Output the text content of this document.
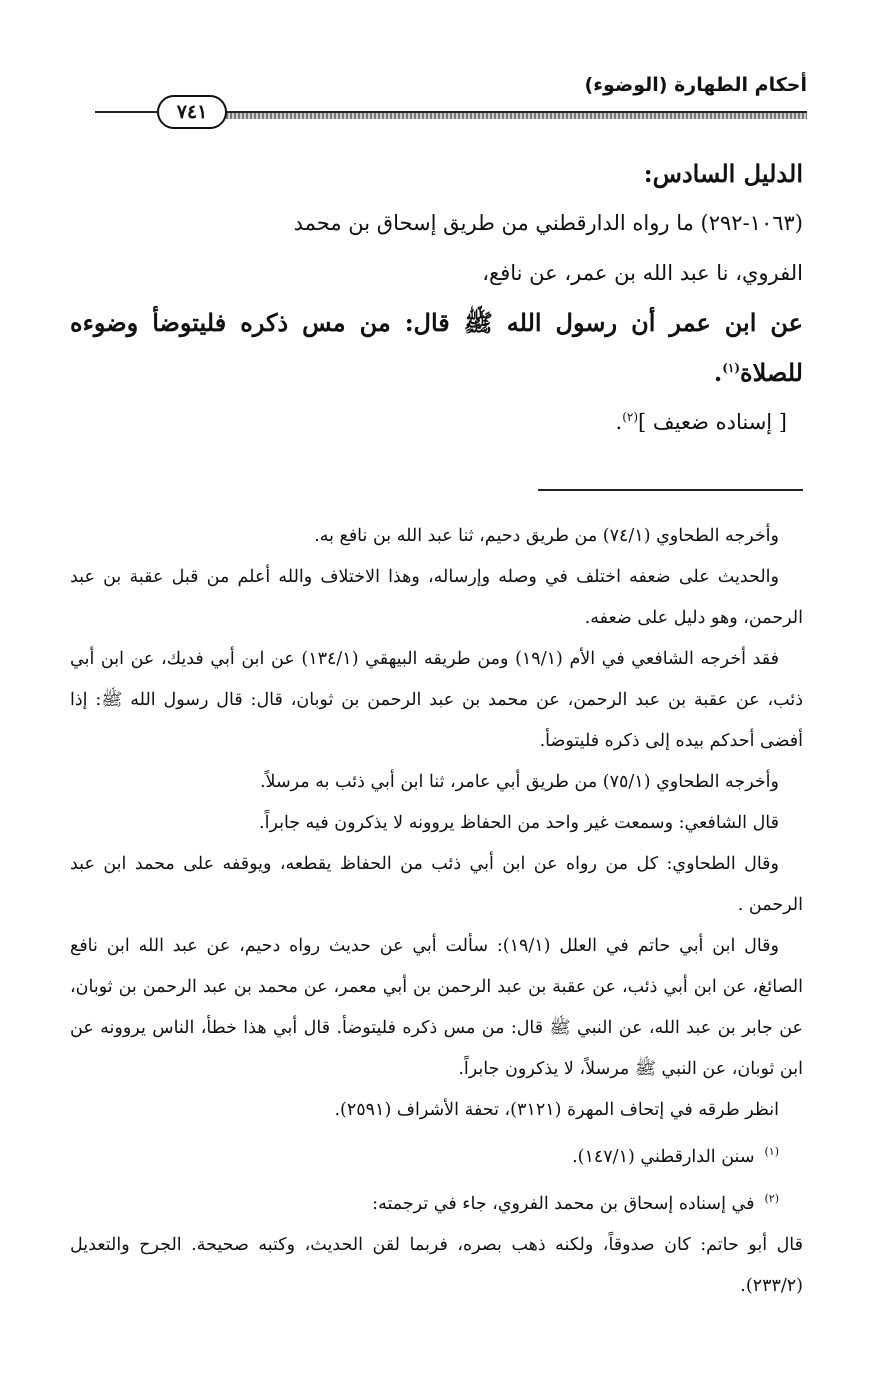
أحكام الطهارة (الوضوء)
٧٤١

الدليل السادس:

(١٠٦٣-٢٩٢) ما رواه الدارقطني من طريق إسحاق بن محمد
الفروي، نا عبد الله بن عمر، عن نافع،

عن ابن عمر أن رسول الله ﷺ قال: من مس ذكره فليتوضأ وضوءه للصلاة$^{(١)}$.

[ إسناده ضعيف ]$^{(٢)}$.

وأخرجه الطحاوي (٧٤/١) من طريق دحيم، ثنا عبد الله بن نافع به.

والحديث على ضعفه اختلف في وصله وإرساله، وهذا الاختلاف والله أعلم من قبل عقبة بن عبد الرحمن، وهو دليل على ضعفه.

فقد أخرجه الشافعي في الأم (١٩/١) ومن طريقه البيهقي (١٣٤/١) عن ابن أبي فديك، عن ابن أبي ذئب، عن عقبة بن عبد الرحمن، عن محمد بن عبد الرحمن بن ثوبان، قال: قال رسول الله ﷺ: إذا أفضى أحدكم بيده إلى ذكره فليتوضأ.

وأخرجه الطحاوي (٧٥/١) من طريق أبي عامر، ثنا ابن أبي ذئب به مرسلاً.

قال الشافعي: وسمعت غير واحد من الحفاظ يروونه لا يذكرون فيه جابراً.

وقال الطحاوي: كل من رواه عن ابن أبي ذئب من الحفاظ يقطعه، ويوقفه على محمد ابن عبد الرحمن .

وقال ابن أبي حاتم في العلل (١٩/١): سألت أبي عن حديث رواه دحيم، عن عبد الله ابن نافع الصائغ، عن ابن أبي ذئب، عن عقبة بن عبد الرحمن بن أبي معمر، عن محمد بن عبد الرحمن بن ثوبان، عن جابر بن عبد الله، عن النبي ﷺ قال: من مس ذكره فليتوضأ. قال أبي هذا خطأ، الناس يروونه عن ابن ثوبان، عن النبي ﷺ مرسلاً، لا يذكرون جابراً.

انظر طرقه في إتحاف المهرة (٣١٢١)، تحفة الأشراف (٢٥٩١).

$^{(١)}$سنن الدارقطني (١٤٧/١).

$^{(٢)}$في إسناده إسحاق بن محمد الفروي، جاء في ترجمته:

قال أبو حاتم: كان صدوقاً، ولكنه ذهب بصره، فربما لقن الحديث، وكتبه صحيحة. الجرح والتعديل (٢٣٣/٢).
